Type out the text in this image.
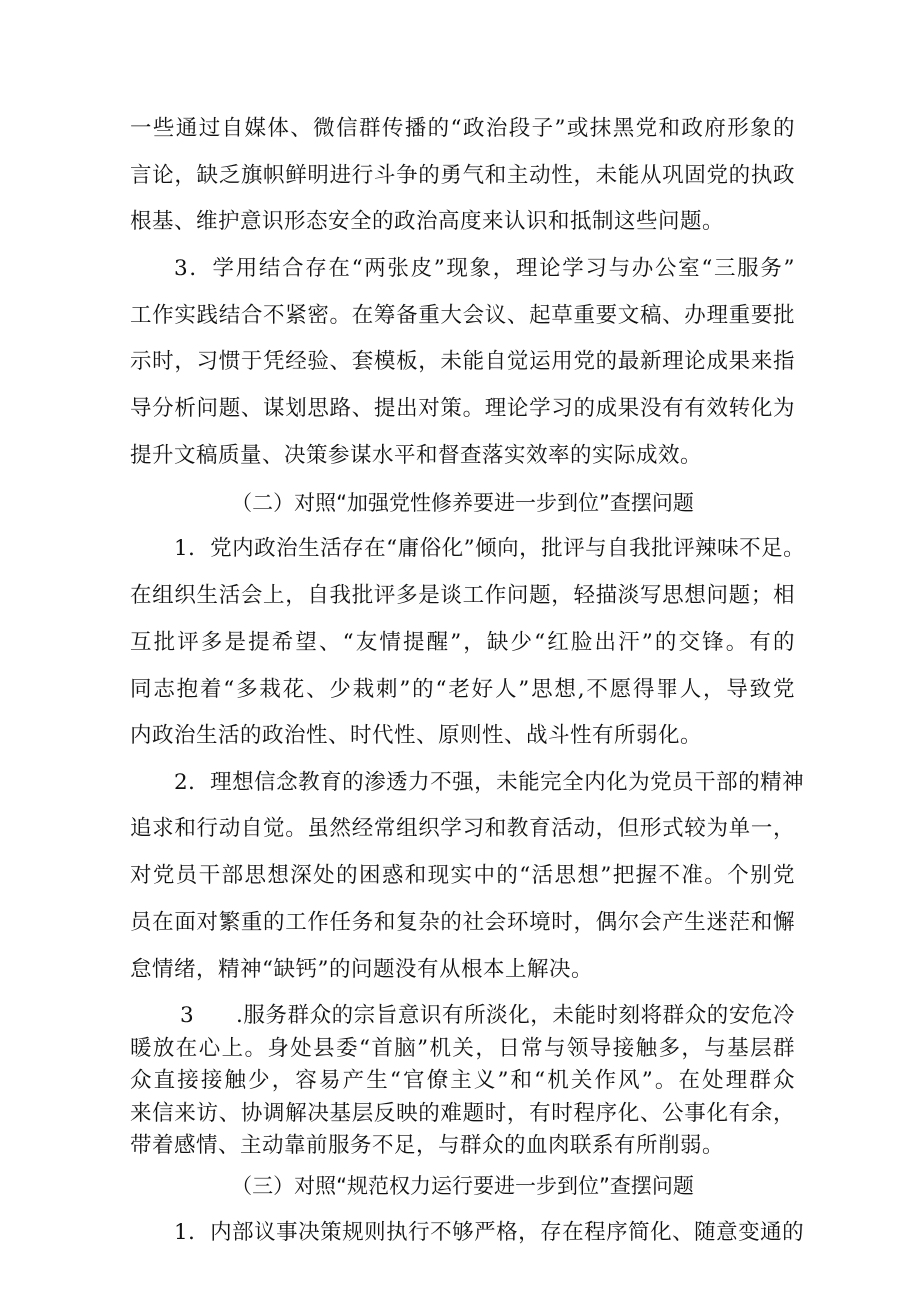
一些通过自媒体、微信群传播的“政治段子”或抹黑党和政府形象的
言论，缺乏旗帜鲜明进行斗争的勇气和主动性，未能从巩固党的执政
根基、维护意识形态安全的政治高度来认识和抵制这些问题。
3．学用结合存在“两张皮”现象，理论学习与办公室“三服务”
工作实践结合不紧密。在筹备重大会议、起草重要文稿、办理重要批
示时，习惯于凭经验、套模板，未能自觉运用党的最新理论成果来指
导分析问题、谋划思路、提出对策。理论学习的成果没有有效转化为
提升文稿质量、决策参谋水平和督查落实效率的实际成效。
（二）对照“加强党性修养要进一步到位”查摆问题
1．党内政治生活存在“庸俗化”倾向，批评与自我批评辣味不足。
在组织生活会上，自我批评多是谈工作问题，轻描淡写思想问题；相
互批评多是提希望、“友情提醒”，缺少“红脸出汗”的交锋。有的
同志抱着“多栽花、少栽刺”的“老好人”思想,不愿得罪人，导致党
内政治生活的政治性、时代性、原则性、战斗性有所弱化。
2．理想信念教育的渗透力不强，未能完全内化为党员干部的精神
追求和行动自觉。虽然经常组织学习和教育活动，但形式较为单一，
对党员干部思想深处的困惑和现实中的“活思想”把握不准。个别党
员在面对繁重的工作任务和复杂的社会环境时，偶尔会产生迷茫和懈
怠情绪，精神“缺钙”的问题没有从根本上解决。
3	.服务群众的宗旨意识有所淡化，未能时刻将群众的安危冷
暖放在心上。身处县委“首脑”机关，日常与领导接触多，与基层群
众直接接触少，容易产生“官僚主义”和“机关作风”。在处理群众
来信来访、协调解决基层反映的难题时，有时程序化、公事化有余，
带着感情、主动靠前服务不足，与群众的血肉联系有所削弱。
（三）对照“规范权力运行要进一步到位”查摆问题
1．内部议事决策规则执行不够严格，存在程序简化、随意变通的
